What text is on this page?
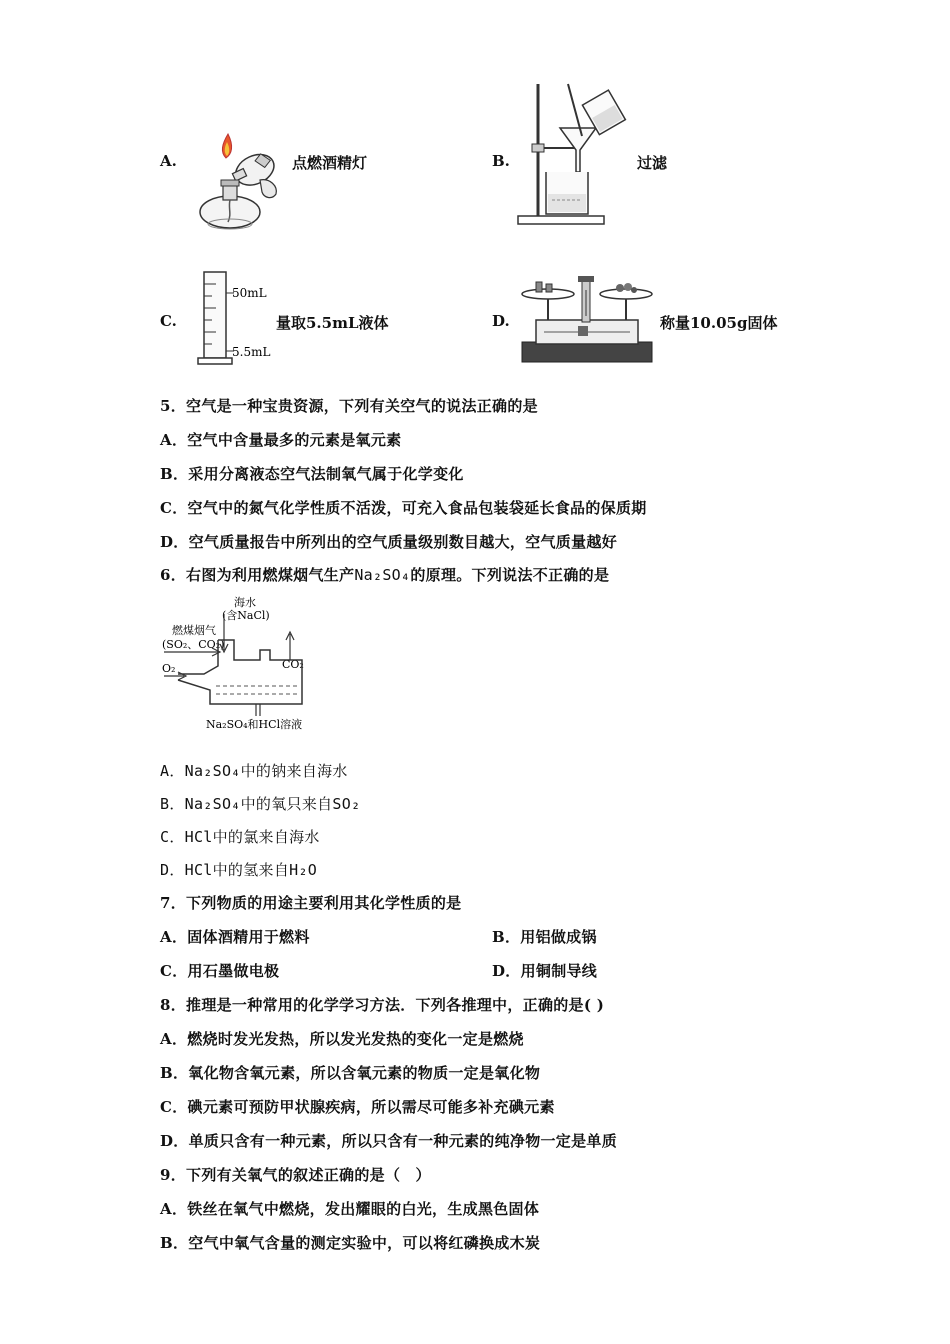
A.	点燃酒精灯	B.	过滤
C.
50mL
5.5mL
量取5.5mL液体	D.	称量10.05g固体
5．空气是一种宝贵资源，下列有关空气的说法正确的是
A．空气中含量最多的元素是氧元素
B．采用分离液态空气法制氧气属于化学变化
C．空气中的氮气化学性质不活泼，可充入食品包装袋延长食品的保质期
D．空气质量报告中所列出的空气质量级别数目越大，空气质量越好
6．右图为利用燃煤烟气生产Na₂SO₄的原理。下列说法不正确的是
海水
(含NaCl)
燃煤烟气
(SO₂、CO₂)
O₂	CO₂
Na₂SO₄和HCl溶液
A．Na₂SO₄中的钠来自海水
B．Na₂SO₄中的氧只来自SO₂
C．HCl中的氯来自海水
D．HCl中的氢来自H₂O
7．下列物质的用途主要利用其化学性质的是
A．固体酒精用于燃料	B．用铝做成锅
C．用石墨做电极	D．用铜制导线
8．推理是一种常用的化学学习方法．下列各推理中，正确的是( )
A．燃烧时发光发热，所以发光发热的变化一定是燃烧
B．氧化物含氧元素，所以含氧元素的物质一定是氧化物
C．碘元素可预防甲状腺疾病，所以需尽可能多补充碘元素
D．单质只含有一种元素，所以只含有一种元素的纯净物一定是单质
9．下列有关氧气的叙述正确的是（　）
A．铁丝在氧气中燃烧，发出耀眼的白光，生成黑色固体
B．空气中氧气含量的测定实验中，可以将红磷换成木炭
